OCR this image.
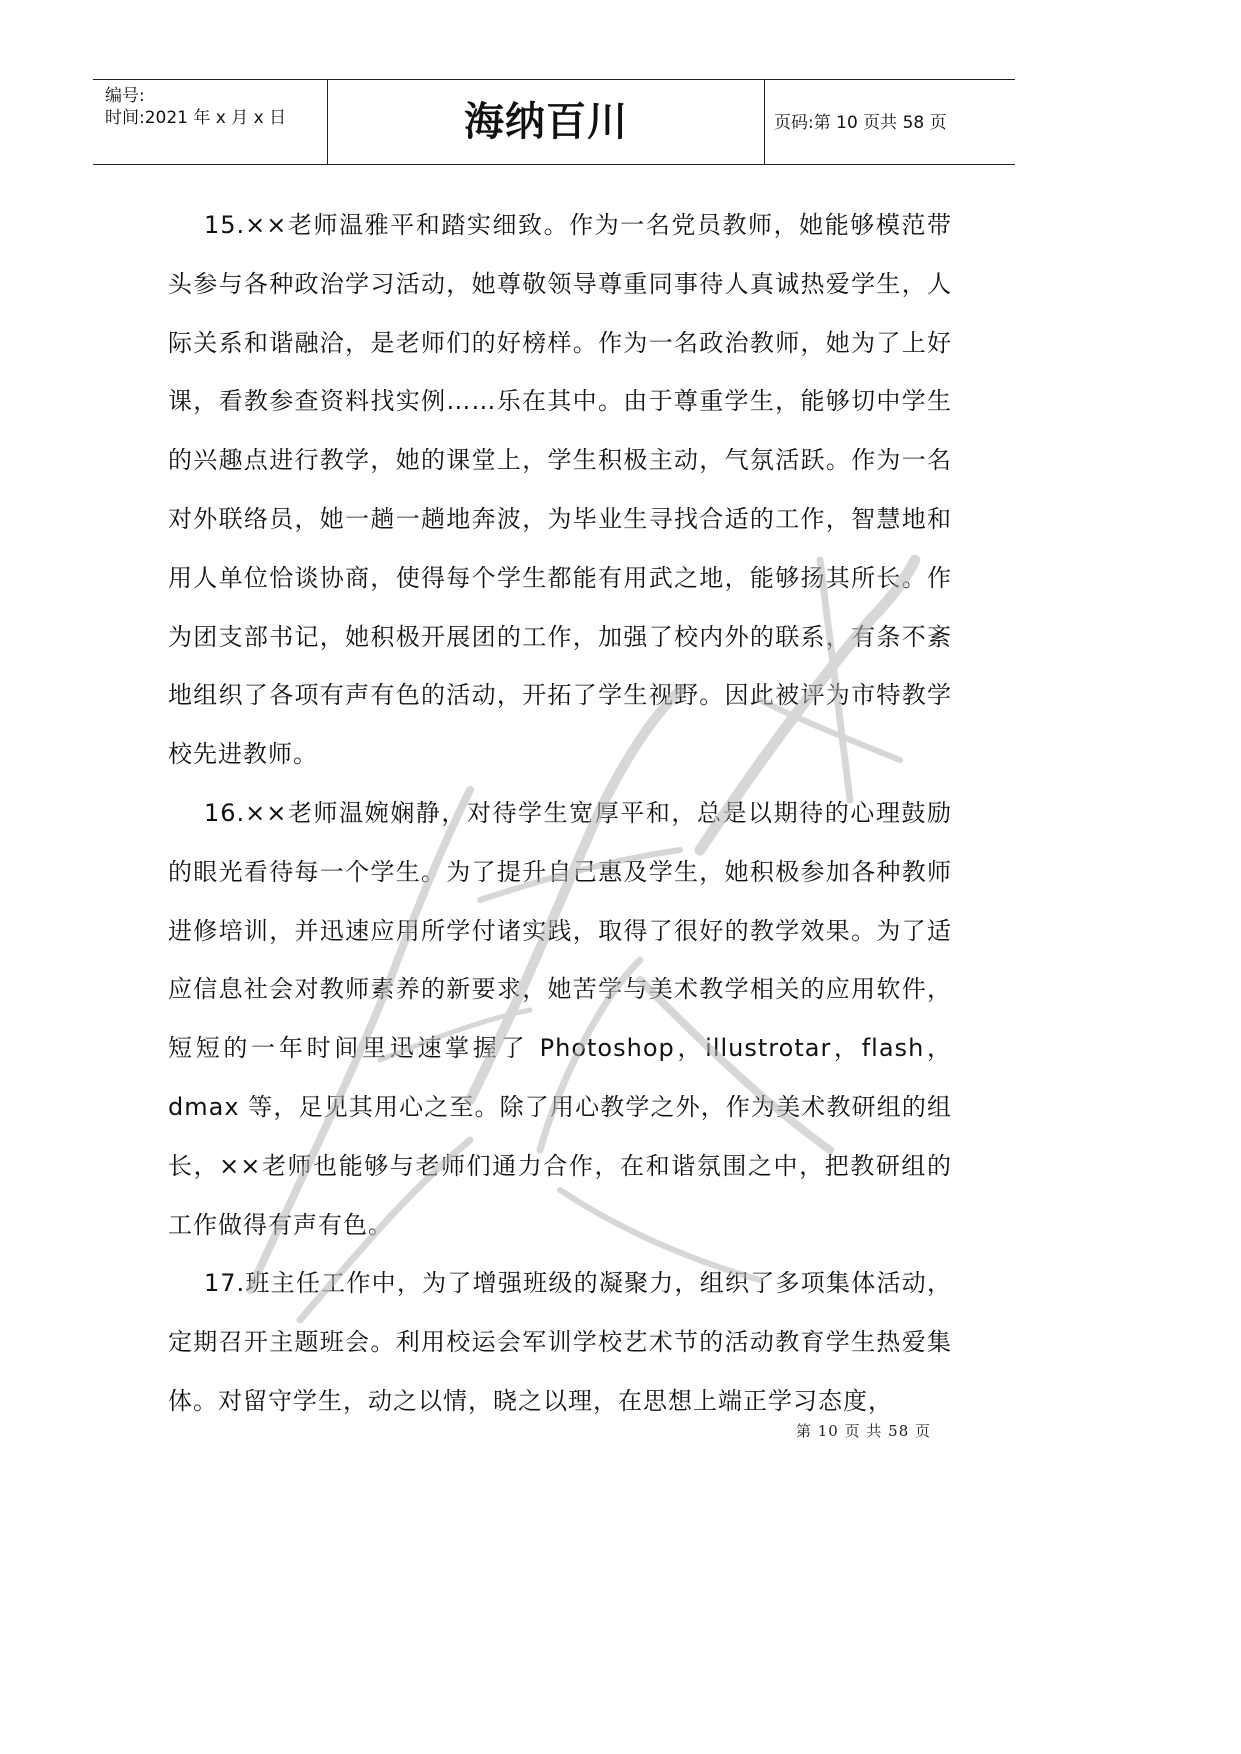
编号:
时间:2021 年 x 月 x 日	海纳百川	页码:第 10 页共 58 页

15.××老师温雅平和踏实细致。作为一名党员教师，她能够模范带头参与各种政治学习活动，她尊敬领导尊重同事待人真诚热爱学生，人际关系和谐融洽，是老师们的好榜样。作为一名政治教师，她为了上好课，看教参查资料找实例……乐在其中。由于尊重学生，能够切中学生的兴趣点进行教学，她的课堂上，学生积极主动，气氛活跃。作为一名对外联络员，她一趟一趟地奔波，为毕业生寻找合适的工作，智慧地和用人单位恰谈协商，使得每个学生都能有用武之地，能够扬其所长。作为团支部书记，她积极开展团的工作，加强了校内外的联系，有条不紊地组织了各项有声有色的活动，开拓了学生视野。因此被评为市特教学校先进教师。

16.××老师温婉娴静，对待学生宽厚平和，总是以期待的心理鼓励的眼光看待每一个学生。为了提升自己惠及学生，她积极参加各种教师进修培训，并迅速应用所学付诸实践，取得了很好的教学效果。为了适应信息社会对教师素养的新要求，她苦学与美术教学相关的应用软件，短短的一年时间里迅速掌握了 Photoshop，illustrotar，flash，dmax 等，足见其用心之至。除了用心教学之外，作为美术教研组的组长，××老师也能够与老师们通力合作，在和谐氛围之中，把教研组的工作做得有声有色。

17.班主任工作中，为了增强班级的凝聚力，组织了多项集体活动，定期召开主题班会。利用校运会军训学校艺术节的活动教育学生热爱集体。对留守学生，动之以情，晓之以理，在思想上端正学习态度，

第 10 页 共 58 页
